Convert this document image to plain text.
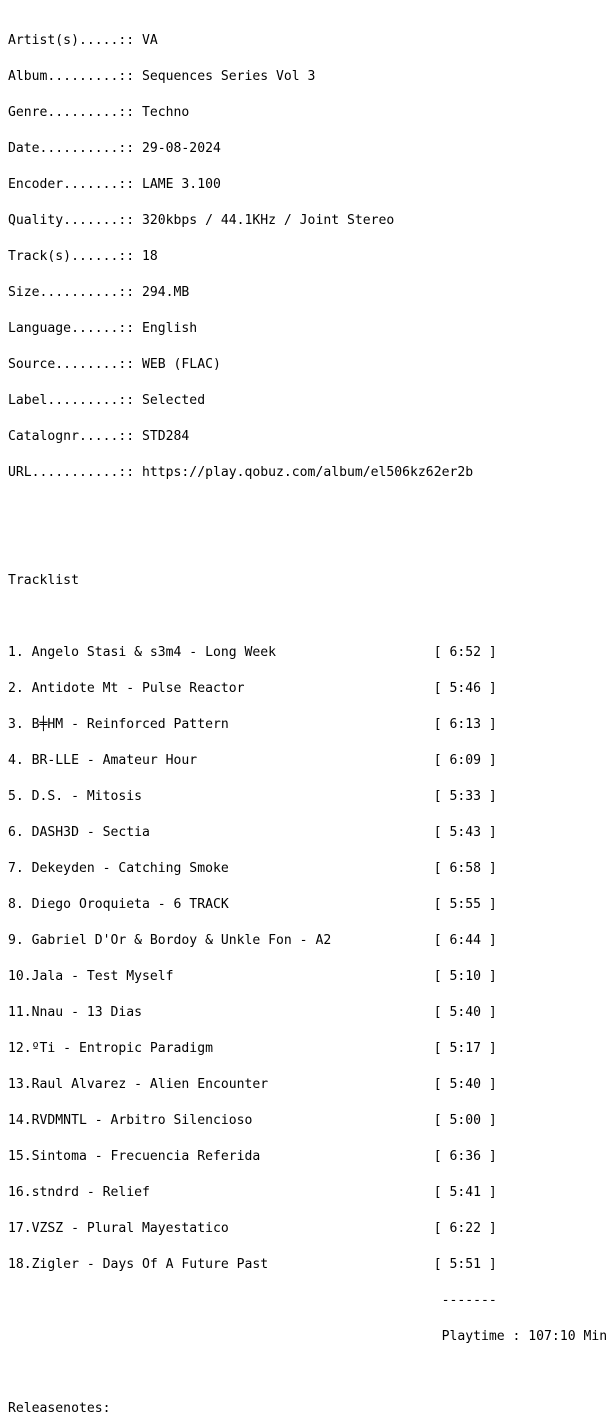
Artist(s).....:: VA

Album.........:: Sequences Series Vol 3

Genre.........:: Techno

Date..........:: 29-08-2024

Encoder.......:: LAME 3.100

Quality.......:: 320kbps / 44.1KHz / Joint Stereo

Track(s)......:: 18

Size..........:: 294.MB

Language......:: English

Source........:: WEB (FLAC)

Label.........:: Selected

Catalognr.....:: STD284

URL...........:: https://play.qobuz.com/album/el506kz62er2b

Tracklist

1. Angelo Stasi & s3m4 - Long Week                    [ 6:52 ]

2. Antidote Mt - Pulse Reactor                        [ 5:46 ]

3. B╪HM - Reinforced Pattern                          [ 6:13 ]

4. BR-LLE - Amateur Hour                              [ 6:09 ]

5. D.S. - Mitosis                                     [ 5:33 ]

6. DASH3D - Sectia                                    [ 5:43 ]

7. Dekeyden - Catching Smoke                          [ 6:58 ]

8. Diego Oroquieta - 6 TRACK                          [ 5:55 ]

9. Gabriel D'Or & Bordoy & Unkle Fon - A2             [ 6:44 ]

10.Jala - Test Myself                                 [ 5:10 ]

11.Nnau - 13 Dias                                     [ 5:40 ]

12.ºTi - Entropic Paradigm                            [ 5:17 ]

13.Raul Alvarez - Alien Encounter                     [ 5:40 ]

14.RVDMNTL - Arbitro Silencioso                       [ 5:00 ]

15.Sintoma - Frecuencia Referida                      [ 6:36 ]

16.stndrd - Relief                                    [ 5:41 ]

17.VZSZ - Plural Mayestatico                          [ 6:22 ]

18.Zigler - Days Of A Future Past                     [ 5:51 ]

-------

Playtime : 107:10 Min

Releasenotes:
